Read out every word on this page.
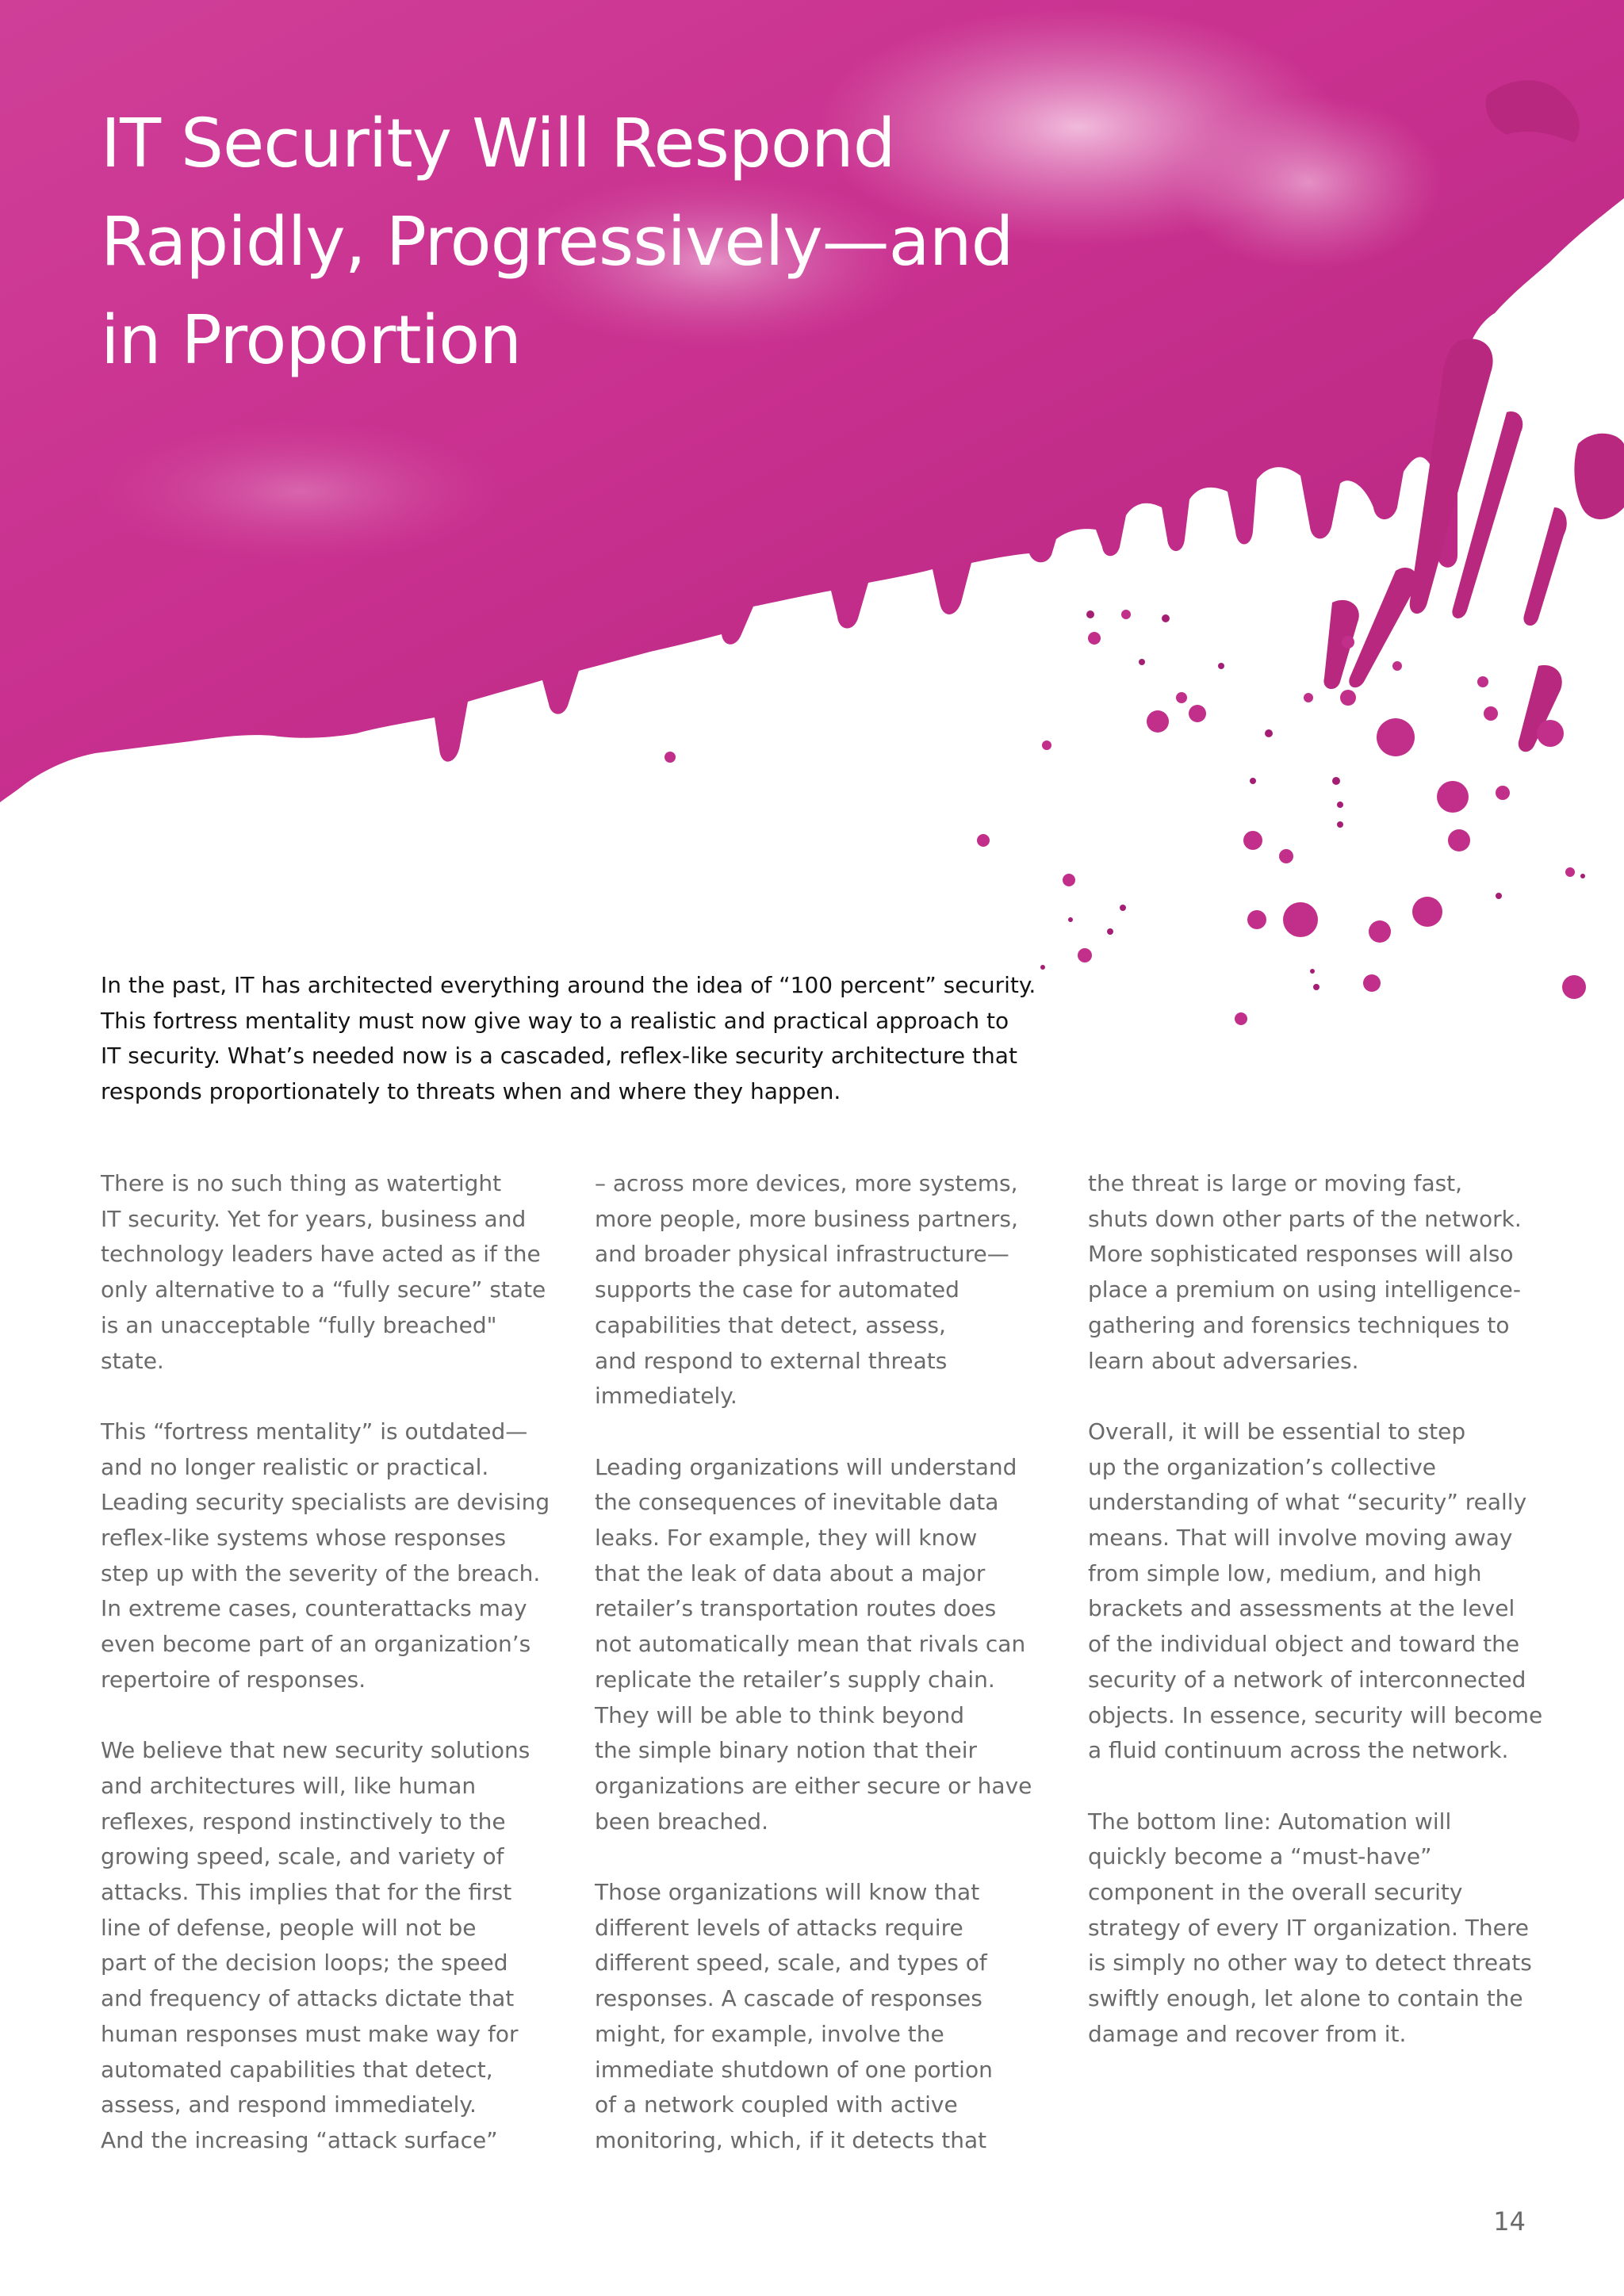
IT Security Will Respond
Rapidly, Progressively—and
in Proportion

In the past, IT has architected everything around the idea of “100 percent” security.
This fortress mentality must now give way to a realistic and practical approach to
IT security. What’s needed now is a cascaded, reflex-like security architecture that
responds proportionately to threats when and where they happen.

There is no such thing as watertight
IT security. Yet for years, business and
technology leaders have acted as if the
only alternative to a “fully secure” state
is an unacceptable “fully breached"
state.

This “fortress mentality” is outdated—
and no longer realistic or practical.
Leading security specialists are devising
reflex-like systems whose responses
step up with the severity of the breach.
In extreme cases, counterattacks may
even become part of an organization’s
repertoire of responses.

We believe that new security solutions
and architectures will, like human
reflexes, respond instinctively to the
growing speed, scale, and variety of
attacks. This implies that for the first
line of defense, people will not be
part of the decision loops; the speed
and frequency of attacks dictate that
human responses must make way for
automated capabilities that detect,
assess, and respond immediately.
And the increasing “attack surface”

– across more devices, more systems,
more people, more business partners,
and broader physical infrastructure—
supports the case for automated
capabilities that detect, assess,
and respond to external threats
immediately.

Leading organizations will understand
the consequences of inevitable data
leaks. For example, they will know
that the leak of data about a major
retailer’s transportation routes does
not automatically mean that rivals can
replicate the retailer’s supply chain.
They will be able to think beyond
the simple binary notion that their
organizations are either secure or have
been breached.

Those organizations will know that
different levels of attacks require
different speed, scale, and types of
responses. A cascade of responses
might, for example, involve the
immediate shutdown of one portion
of a network coupled with active
monitoring, which, if it detects that

the threat is large or moving fast,
shuts down other parts of the network.
More sophisticated responses will also
place a premium on using intelligence-
gathering and forensics techniques to
learn about adversaries.

Overall, it will be essential to step
up the organization’s collective
understanding of what “security” really
means. That will involve moving away
from simple low, medium, and high
brackets and assessments at the level
of the individual object and toward the
security of a network of interconnected
objects. In essence, security will become
a fluid continuum across the network.

The bottom line: Automation will
quickly become a “must-have”
component in the overall security
strategy of every IT organization. There
is simply no other way to detect threats
swiftly enough, let alone to contain the
damage and recover from it.

14
